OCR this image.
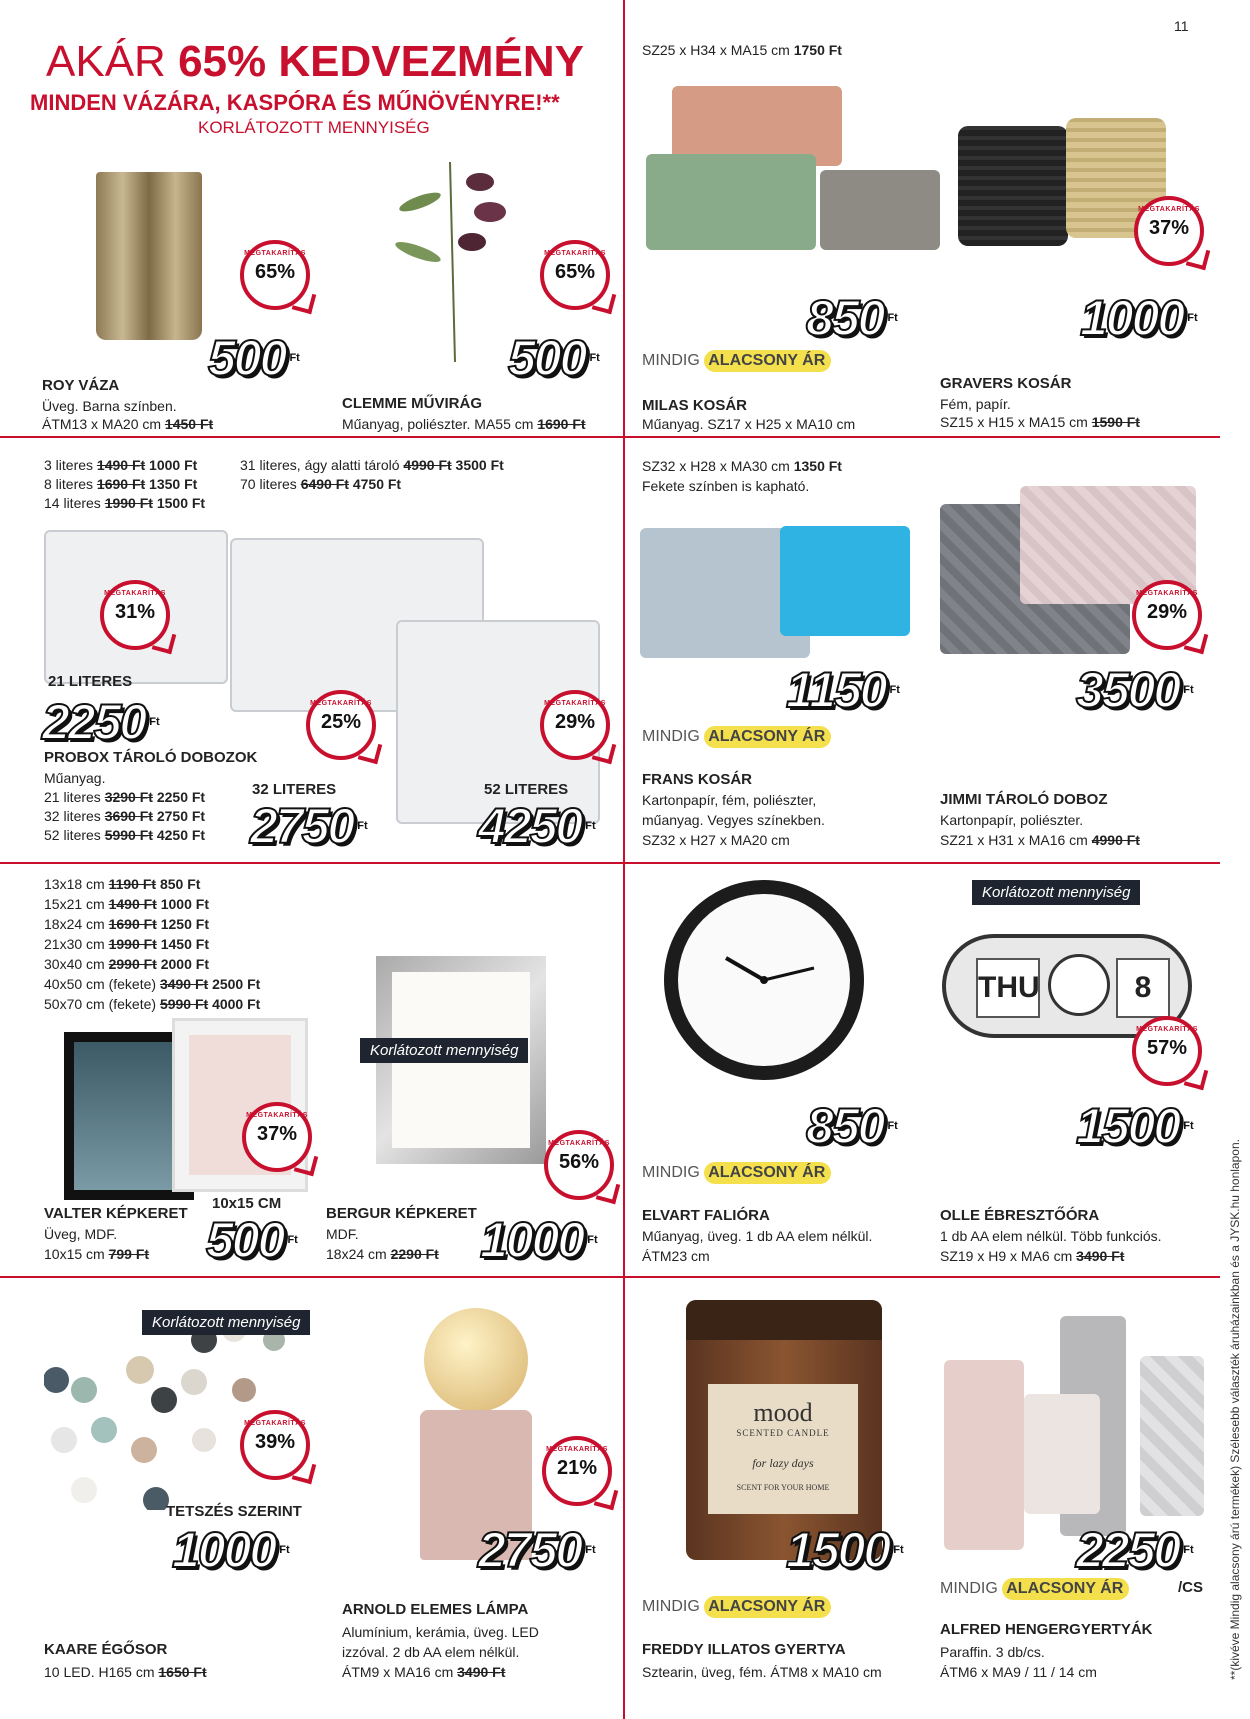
11
AKÁR 65% KEDVEZMÉNY
MINDEN VÁZÁRA, KASPÓRA ÉS MŰNÖVÉNYRE!**
KORLÁTOZOTT MENNYISÉG
MEGTAKARÍTÁS
65%
500 $^{Ft}$
ROY VÁZA
Üveg. Barna színben.
ÁTM13 x MA20 cm 1450 Ft
MEGTAKARÍTÁS
65%
500 $^{Ft}$
CLEMME MŰVIRÁG
Műanyag, poliészter. MA55 cm 1690 Ft
SZ25 x H34 x MA15 cm 1750 Ft
850 $^{Ft}$
MINDIG ALACSONY ÁR
MILAS KOSÁR
Műanyag. SZ17 x H25 x MA10 cm
MEGTAKARÍTÁS
37%
1000 $^{Ft}$
GRAVERS KOSÁR
Fém, papír.
SZ15 x H15 x MA15 cm 1590 Ft
3 literes 1490 Ft 1000 Ft
8 literes 1690 Ft 1350 Ft
14 literes 1990 Ft 1500 Ft
31 literes, ágy alatti tároló 4990 Ft 3500 Ft
70 literes 6490 Ft 4750 Ft
MEGTAKARÍTÁS
31%
21 LITERES
2250 $^{Ft}$
MEGTAKARÍTÁS
25%
MEGTAKARÍTÁS
29%
PROBOX TÁROLÓ DOBOZOK
Műanyag.
21 literes 3290 Ft 2250 Ft
32 literes 3690 Ft 2750 Ft
52 literes 5990 Ft 4250 Ft
32 LITERES
2750 $^{Ft}$
52 LITERES
4250 $^{Ft}$
SZ32 x H28 x MA30 cm 1350 Ft
Fekete színben is kapható.
1150 $^{Ft}$
MINDIG ALACSONY ÁR
FRANS KOSÁR
Kartonpapír, fém, poliészter,
műanyag. Vegyes színekben.
SZ32 x H27 x MA20 cm
MEGTAKARÍTÁS
29%
3500 $^{Ft}$
JIMMI TÁROLÓ DOBOZ
Kartonpapír, poliészter.
SZ21 x H31 x MA16 cm 4990 Ft
13x18 cm 1190 Ft 850 Ft
15x21 cm 1490 Ft 1000 Ft
18x24 cm 1690 Ft 1250 Ft
21x30 cm 1990 Ft 1450 Ft
30x40 cm 2990 Ft 2000 Ft
40x50 cm (fekete) 3490 Ft 2500 Ft
50x70 cm (fekete) 5990 Ft 4000 Ft
MEGTAKARÍTÁS
37%
10x15 CM
500 $^{Ft}$
VALTER KÉPKERET
Üveg, MDF.
10x15 cm 799 Ft
Korlátozott mennyiség
MEGTAKARÍTÁS
56%
1000 $^{Ft}$
BERGUR KÉPKERET
MDF.
18x24 cm 2290 Ft
850 $^{Ft}$
MINDIG ALACSONY ÁR
ELVART FALIÓRA
Műanyag, üveg. 1 db AA elem nélkül.
ÁTM23 cm
Korlátozott mennyiség
THU	8
MEGTAKARÍTÁS
57%
1500 $^{Ft}$
OLLE ÉBRESZTŐÓRA
1 db AA elem nélkül. Több funkciós.
SZ19 x H9 x MA6 cm 3490 Ft
Korlátozott mennyiség
MEGTAKARÍTÁS
39%
TETSZÉS SZERINT
1000 $^{Ft}$
KAARE ÉGŐSOR
10 LED. H165 cm 1650 Ft
MEGTAKARÍTÁS
21%
2750 $^{Ft}$
ARNOLD ELEMES LÁMPA
Alumínium, kerámia, üveg. LED
izzóval. 2 db AA elem nélkül.
ÁTM9 x MA16 cm 3490 Ft
mood
SCENTED CANDLE
for lazy days
SCENT FOR YOUR HOME
1500 $^{Ft}$
MINDIG ALACSONY ÁR
FREDDY ILLATOS GYERTYA
Sztearin, üveg, fém. ÁTM8 x MA10 cm
2250 $^{Ft}$
/CS
MINDIG ALACSONY ÁR
ALFRED HENGERGYERTYÁK
Paraffin. 3 db/cs.
ÁTM6 x MA9 / 11 / 14 cm	**(kivéve Mindig alacsony árú termékek) Szélesebb választék áruházainkban és a JYSK.hu honlapon.
